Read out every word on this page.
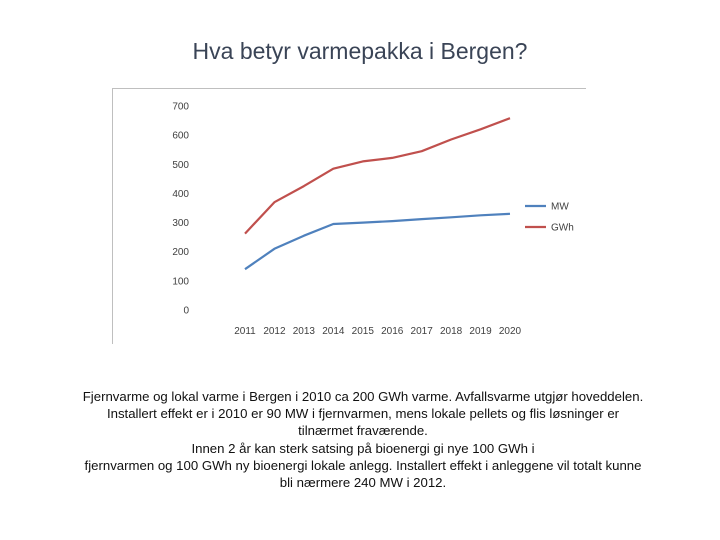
Hva betyr varmepakka i Bergen?
0
100
200
300
400
500
600
700
2011 2012 2013 2014 2015 2016 2017 2018 2019 2020
MW
GWh

Fjernvarme og lokal varme i Bergen i 2010 ca 200 GWh varme. Avfallsvarme utgjør hoveddelen.

Installert effekt er i 2010 er 90 MW i fjernvarmen, mens lokale pellets og flis løsninger er

tilnærmet fraværende.

Innen 2 år kan sterk satsing på bioenergi gi nye 100 GWh i

fjernvarmen og 100 GWh ny bioenergi lokale anlegg. Installert effekt i anleggene vil totalt kunne

bli nærmere 240 MW i 2012.
